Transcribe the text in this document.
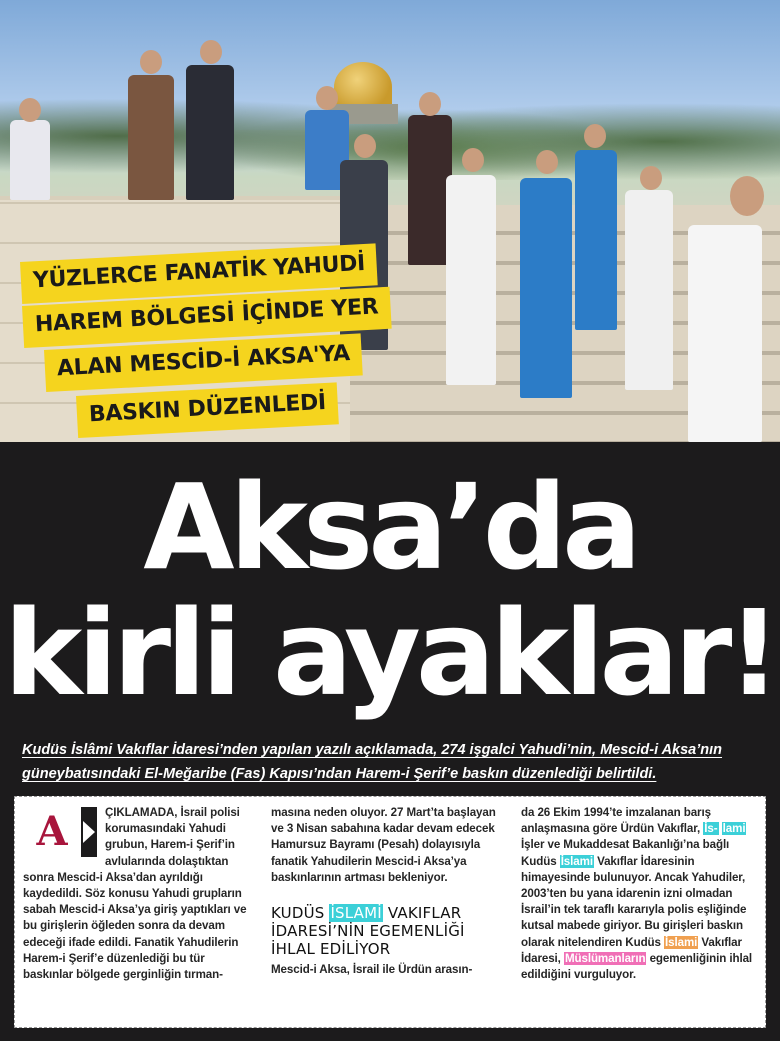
YÜZLERCE FANATİK YAHUDİ
HAREM BÖLGESİ İÇİNDE YER
ALAN MESCİD-İ AKSA'YA
BASKIN DÜZENLEDİ
Aksa’da
kirli ayaklar!
Kudüs İslâmi Vakıflar İdaresi’nden yapılan yazılı açıklamada, 274 işgalci Yahudi’nin, Mescid-i Aksa’nın güneybatısındaki El-Meğaribe (Fas) Kapısı’ndan Harem-i Şerif’e baskın düzenlediği belirtildi.
A	ÇIKLAMADA, İsrail polisi korumasındaki Yahudi grubun, Harem-i Şerif’in avlularında dolaştıktan sonra Mescid-i Aksa’dan ayrıldığı kaydedildi. Söz konusu Yahudi grupların sabah Mescid-i Aksa’ya giriş yaptıkları ve bu girişlerin öğleden sonra da devam edeceği ifade edildi. Fanatik Yahudilerin Harem-i Şerif’e düzenlediği bu tür baskınlar bölgede gerginliğin tırman-
masına neden oluyor. 27 Mart’ta başlayan ve 3 Nisan sabahına kadar devam edecek Hamursuz Bayramı (Pesah) dolayısıyla fanatik Yahudilerin Mescid-i Aksa’ya baskınlarının artması bekleniyor.
KUDÜS İSLAMİ VAKIFLAR İDARESİ’NİN EGEMENLİĞİ İHLAL EDİLİYOR
Mescid-i Aksa, İsrail ile Ürdün arasın-
da 26 Ekim 1994’te imzalanan barış anlaşmasına göre Ürdün Vakıflar, İs- lami İşler ve Mukaddesat Bakanlığı’na bağlı Kudüs İslami Vakıflar İdaresinin himayesinde bulunuyor. Ancak Yahudiler, 2003’ten bu yana idarenin izni olmadan İsrail’in tek taraflı kararıyla polis eşliğinde kutsal mabede giriyor. Bu girişleri baskın olarak nitelendiren Kudüs İslami Vakıflar İdaresi, Müslümanların egemenliğinin ihlal edildiğini vurguluyor.
